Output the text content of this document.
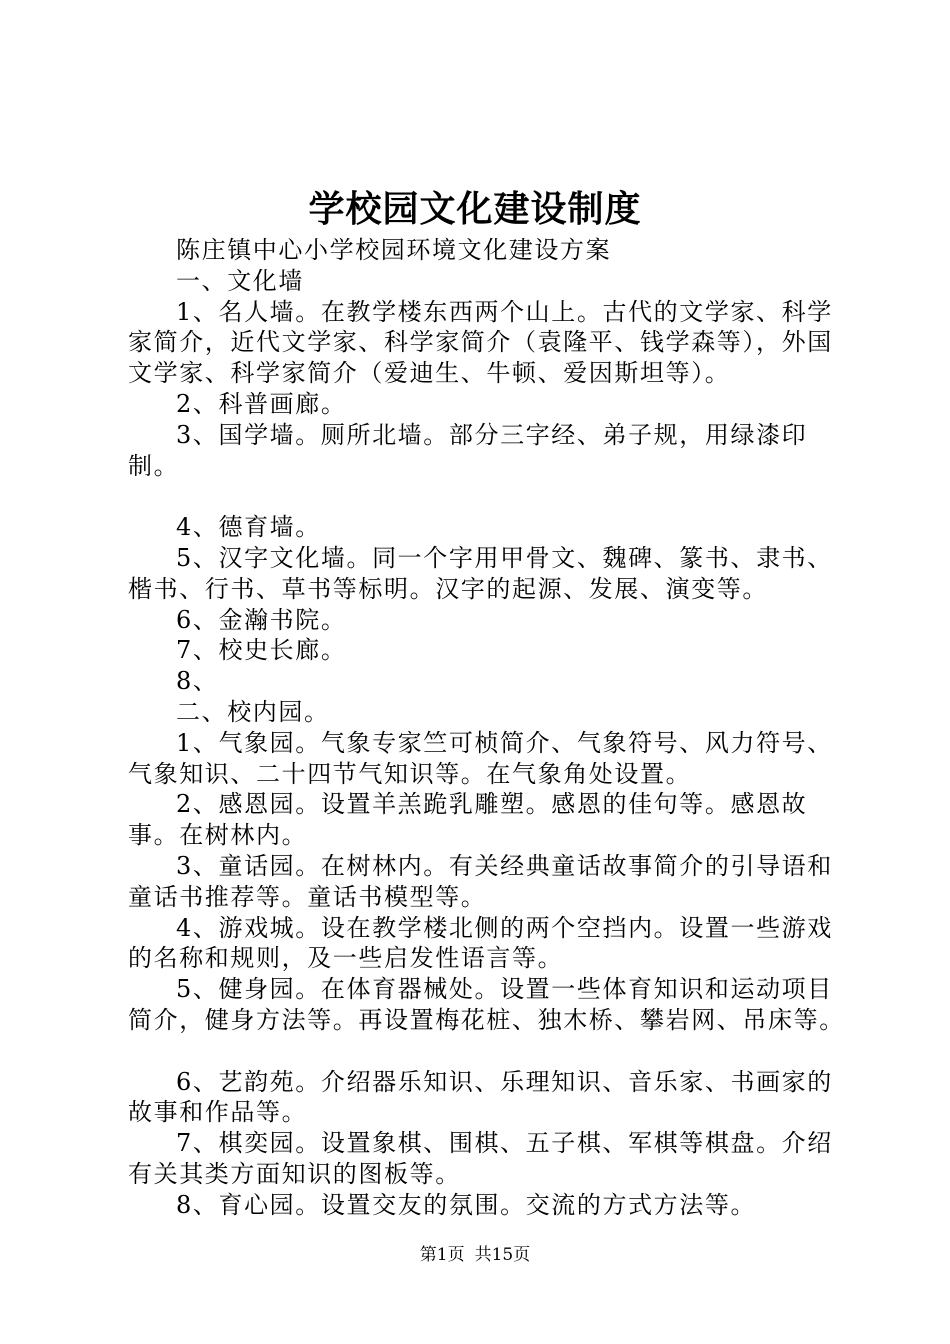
学校园文化建设制度

陈庄镇中心小学校园环境文化建设方案

一、文化墙

1、名人墙。在教学楼东西两个山上。古代的文学家、科学家简介，近代文学家、科学家简介（袁隆平、钱学森等），外国文学家、科学家简介（爱迪生、牛顿、爱因斯坦等）。

2、科普画廊。

3、国学墙。厕所北墙。部分三字经、弟子规，用绿漆印制。

4、德育墙。

5、汉字文化墙。同一个字用甲骨文、魏碑、篆书、隶书、楷书、行书、草书等标明。汉字的起源、发展、演变等。

6、金瀚书院。

7、校史长廊。

8、

二、校内园。

1、气象园。气象专家竺可桢简介、气象符号、风力符号、气象知识、二十四节气知识等。在气象角处设置。

2、感恩园。设置羊羔跪乳雕塑。感恩的佳句等。感恩故事。在树林内。

3、童话园。在树林内。有关经典童话故事简介的引导语和童话书推荐等。童话书模型等。

4、游戏城。设在教学楼北侧的两个空挡内。设置一些游戏的名称和规则，及一些启发性语言等。

5、健身园。在体育器械处。设置一些体育知识和运动项目简介，健身方法等。再设置梅花桩、独木桥、攀岩网、吊床等。

6、艺韵苑。介绍器乐知识、乐理知识、音乐家、书画家的故事和作品等。

7、棋奕园。设置象棋、围棋、五子棋、军棋等棋盘。介绍有关其类方面知识的图板等。

8、育心园。设置交友的氛围。交流的方式方法等。

第1页 共15页
